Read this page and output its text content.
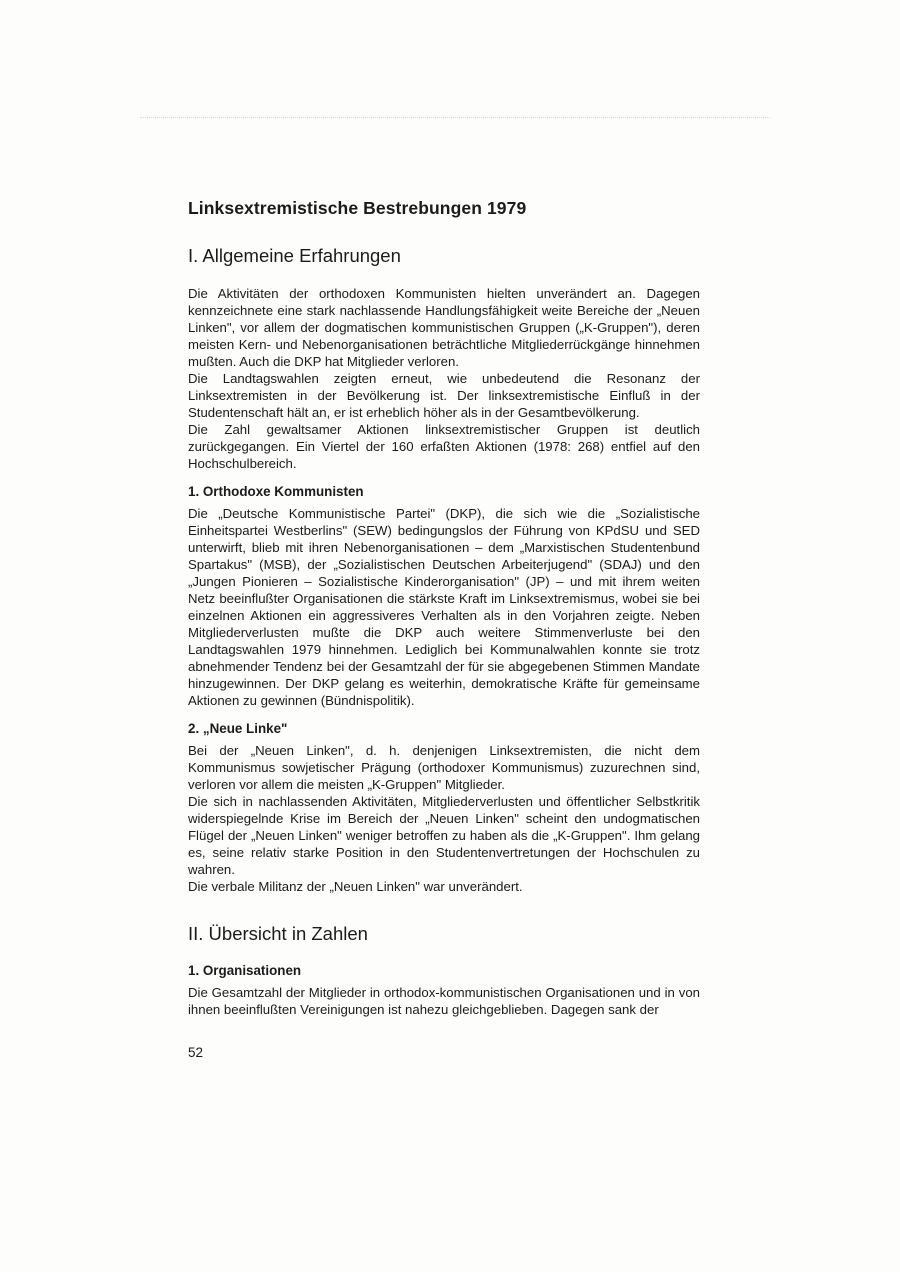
Linksextremistische Bestrebungen 1979
I. Allgemeine Erfahrungen

Die Aktivitäten der orthodoxen Kommunisten hielten unverändert an. Dagegen kennzeichnete eine stark nachlassende Handlungsfähigkeit weite Bereiche der „Neuen Linken", vor allem der dogmatischen kommunistischen Gruppen („K-Gruppen"), deren meisten Kern- und Nebenorganisationen beträchtliche Mitgliederrückgänge hinnehmen mußten. Auch die DKP hat Mitglieder verloren.

Die Landtagswahlen zeigten erneut, wie unbedeutend die Resonanz der Linksextremisten in der Bevölkerung ist. Der linksextremistische Einfluß in der Studentenschaft hält an, er ist erheblich höher als in der Gesamtbevölkerung.

Die Zahl gewaltsamer Aktionen linksextremistischer Gruppen ist deutlich zurückgegangen. Ein Viertel der 160 erfaßten Aktionen (1978: 268) entfiel auf den Hochschulbereich.

1. Orthodoxe Kommunisten

Die „Deutsche Kommunistische Partei" (DKP), die sich wie die „Sozialistische Einheitspartei Westberlins" (SEW) bedingungslos der Führung von KPdSU und SED unterwirft, blieb mit ihren Nebenorganisationen – dem „Marxistischen Studentenbund Spartakus" (MSB), der „Sozialistischen Deutschen Arbeiterjugend" (SDAJ) und den „Jungen Pionieren – Sozialistische Kinderorganisation" (JP) – und mit ihrem weiten Netz beeinflußter Organisationen die stärkste Kraft im Linksextremismus, wobei sie bei einzelnen Aktionen ein aggressiveres Verhalten als in den Vorjahren zeigte. Neben Mitgliederverlusten mußte die DKP auch weitere Stimmenverluste bei den Landtagswahlen 1979 hinnehmen. Lediglich bei Kommunalwahlen konnte sie trotz abnehmender Tendenz bei der Gesamtzahl der für sie abgegebenen Stimmen Mandate hinzugewinnen. Der DKP gelang es weiterhin, demokratische Kräfte für gemeinsame Aktionen zu gewinnen (Bündnispolitik).

2. „Neue Linke"

Bei der „Neuen Linken", d. h. denjenigen Linksextremisten, die nicht dem Kommunismus sowjetischer Prägung (orthodoxer Kommunismus) zuzurechnen sind, verloren vor allem die meisten „K-Gruppen" Mitglieder.

Die sich in nachlassenden Aktivitäten, Mitgliederverlusten und öffentlicher Selbstkritik widerspiegelnde Krise im Bereich der „Neuen Linken" scheint den undogmatischen Flügel der „Neuen Linken" weniger betroffen zu haben als die „K-Gruppen". Ihm gelang es, seine relativ starke Position in den Studentenvertretungen der Hochschulen zu wahren.

Die verbale Militanz der „Neuen Linken" war unverändert.

II. Übersicht in Zahlen
1. Organisationen

Die Gesamtzahl der Mitglieder in orthodox-kommunistischen Organisationen und in von ihnen beeinflußten Vereinigungen ist nahezu gleichgeblieben. Dagegen sank der

52
